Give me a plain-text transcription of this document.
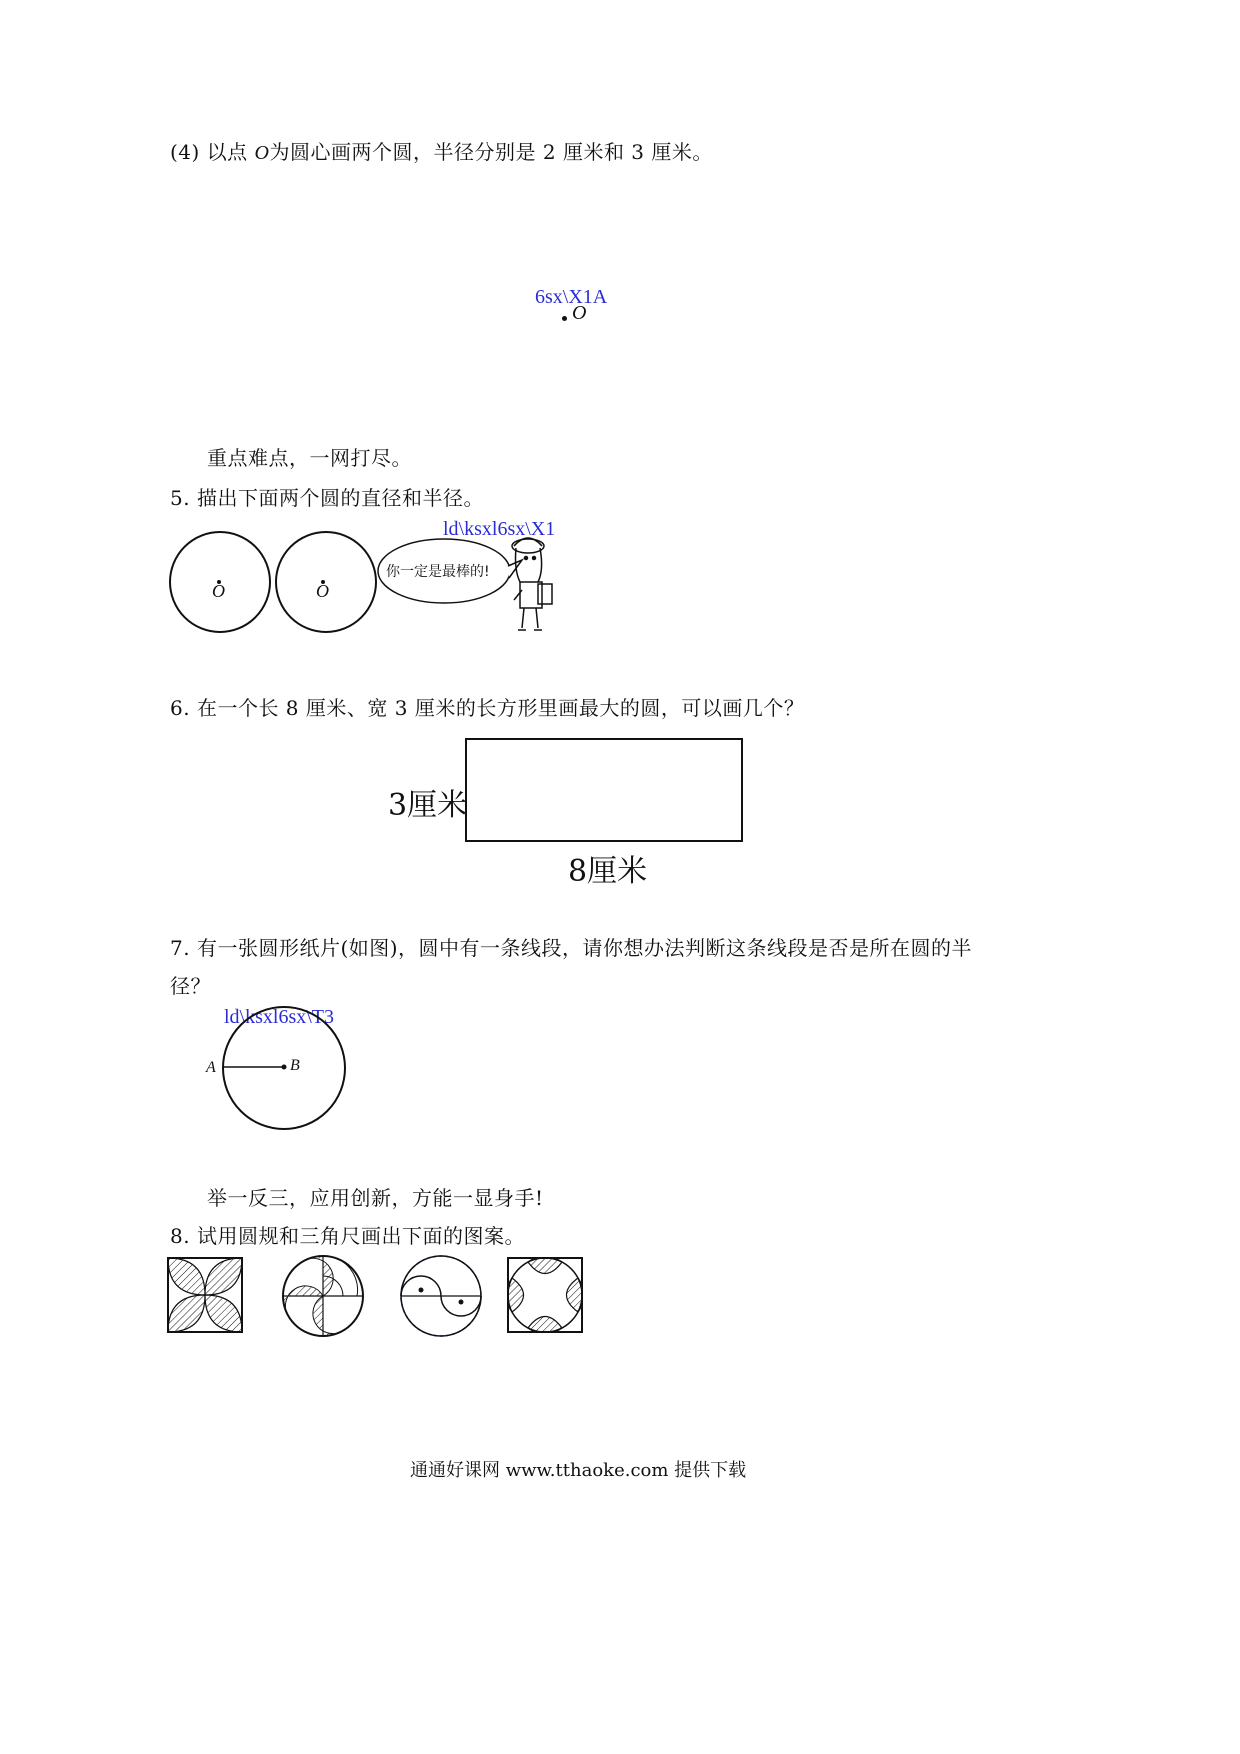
(4) 以点 O为圆心画两个圆，半径分别是 2 厘米和 3 厘米。
6sx\X1A
O
重点难点，一网打尽。
5. 描出下面两个圆的直径和半径。
ld\ksxl6sx\X1
O	O
你一定是最棒的!
6. 在一个长 8 厘米、宽 3 厘米的长方形里画最大的圆，可以画几个？
3厘米
8厘米
7. 有一张圆形纸片(如图)，圆中有一条线段，请你想办法判断这条线段是否是所在圆的半
径？
ld\ksxl6sx\T3
A	B
举一反三，应用创新，方能一显身手!
8. 试用圆规和三角尺画出下面的图案。
通通好课网 www.tthaoke.com 提供下载
